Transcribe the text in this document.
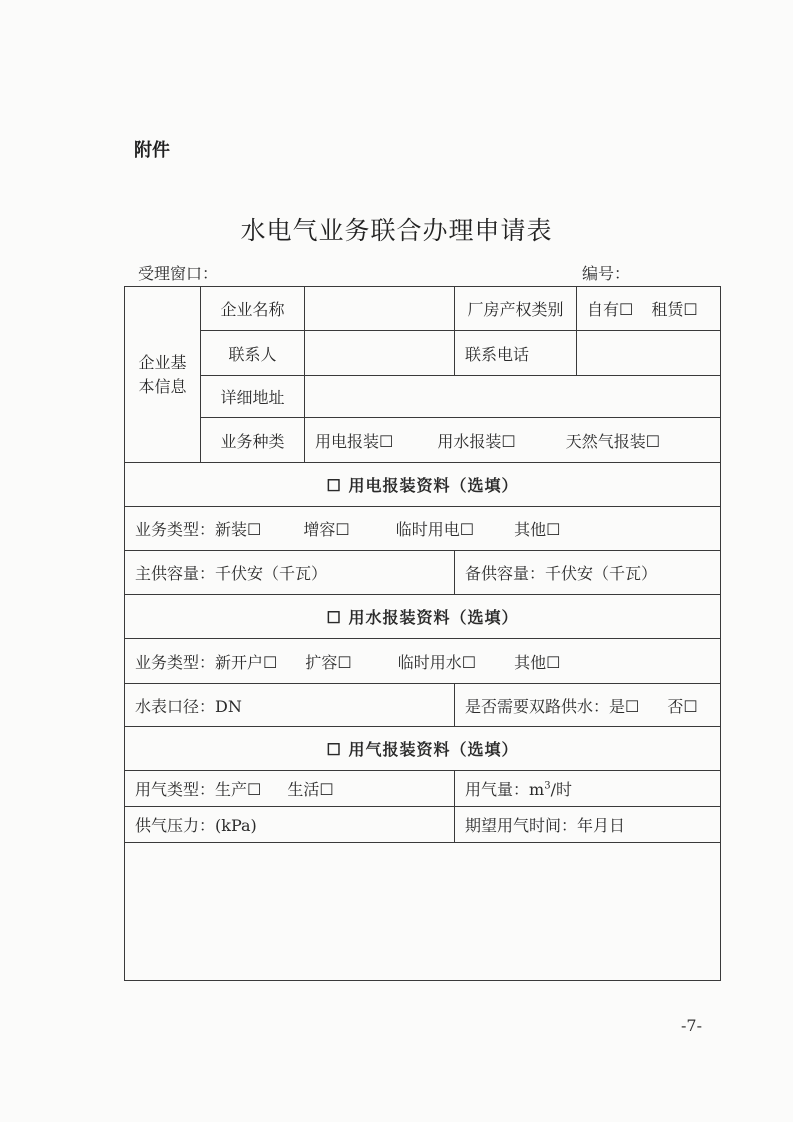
附件
水电气业务联合办理申请表
受理窗口：	编号：
企业基本信息	企业名称		厂房产权类别	自有☐ 租赁☐
	联系人		联系电话	
	详细地址			
	业务种类	用电报装☐ 用水报装☐ 天然气报装☐		
☐ 用电报装资料（选填）				
业务类型：新装☐ 增容☐ 临时用电☐ 其他☐				
主供容量：千伏安（千瓦）			备供容量：千伏安（千瓦）	
☐ 用水报装资料（选填）				
业务类型：新开户☐ 扩容☐ 临时用水☐ 其他☐				
水表口径：DN			是否需要双路供水：是☐ 否☐	
☐ 用气报装资料（选填）				
用气类型：生产☐ 生活☐			用气量：$m^3/$时	
供气压力：(kPa)			期望用气时间：年月日	

-7-
